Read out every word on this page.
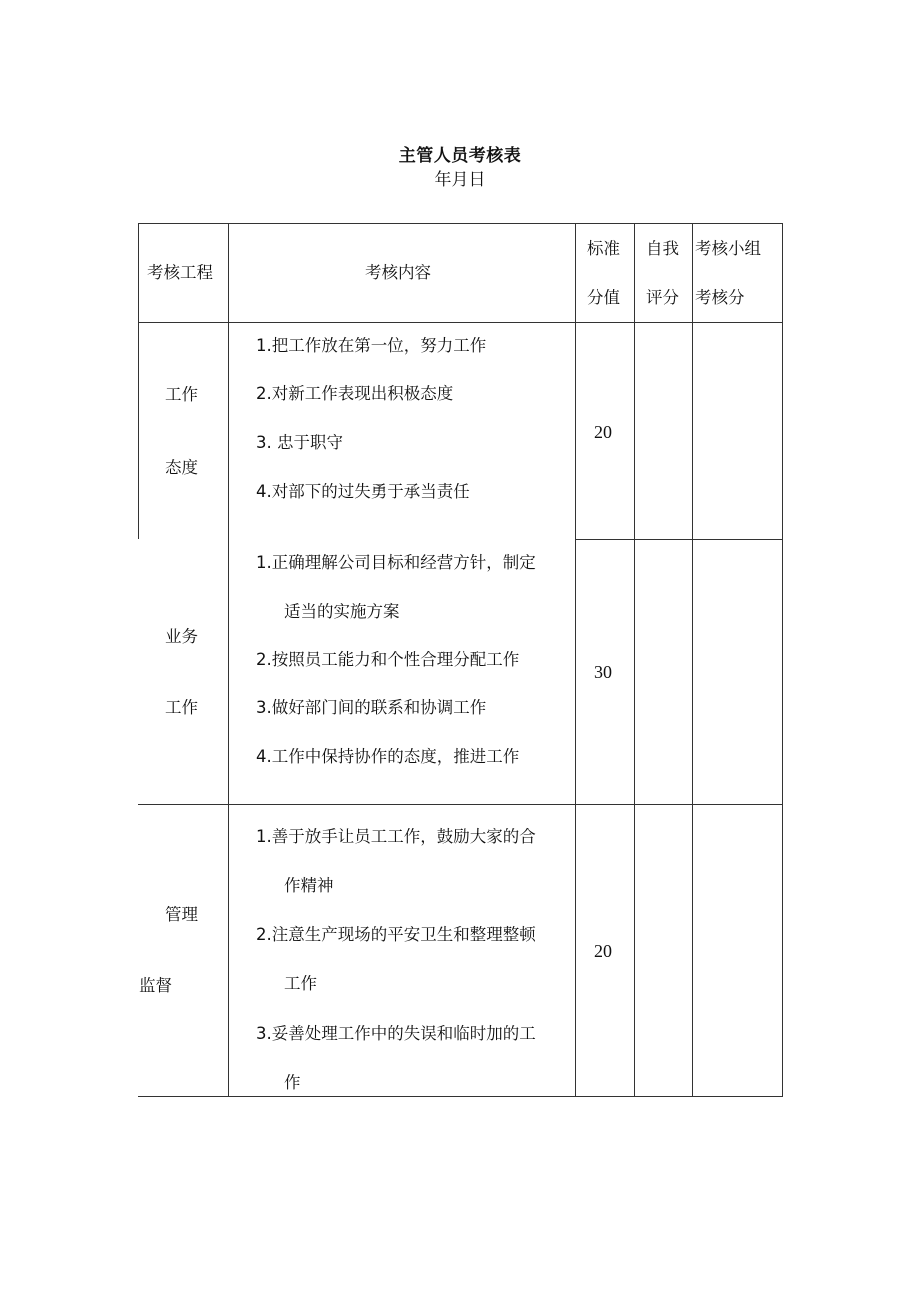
主管人员考核表
年月日
考核工程	考核内容
标准
分值
自我
评分
考核小组
考核分
工作
态度
1.把工作放在第一位，努力工作
2.对新工作表现出积极态度
3. 忠于职守
4.对部下的过失勇于承当责任
20
业务
工作
1.正确理解公司目标和经营方针，制定
适当的实施方案
2.按照员工能力和个性合理分配工作
3.做好部门间的联系和协调工作
4.工作中保持协作的态度，推进工作
30
管理
监督
1.善于放手让员工工作，鼓励大家的合
作精神
2.注意生产现场的平安卫生和整理整顿
工作
3.妥善处理工作中的失误和临时加的工
作
20
